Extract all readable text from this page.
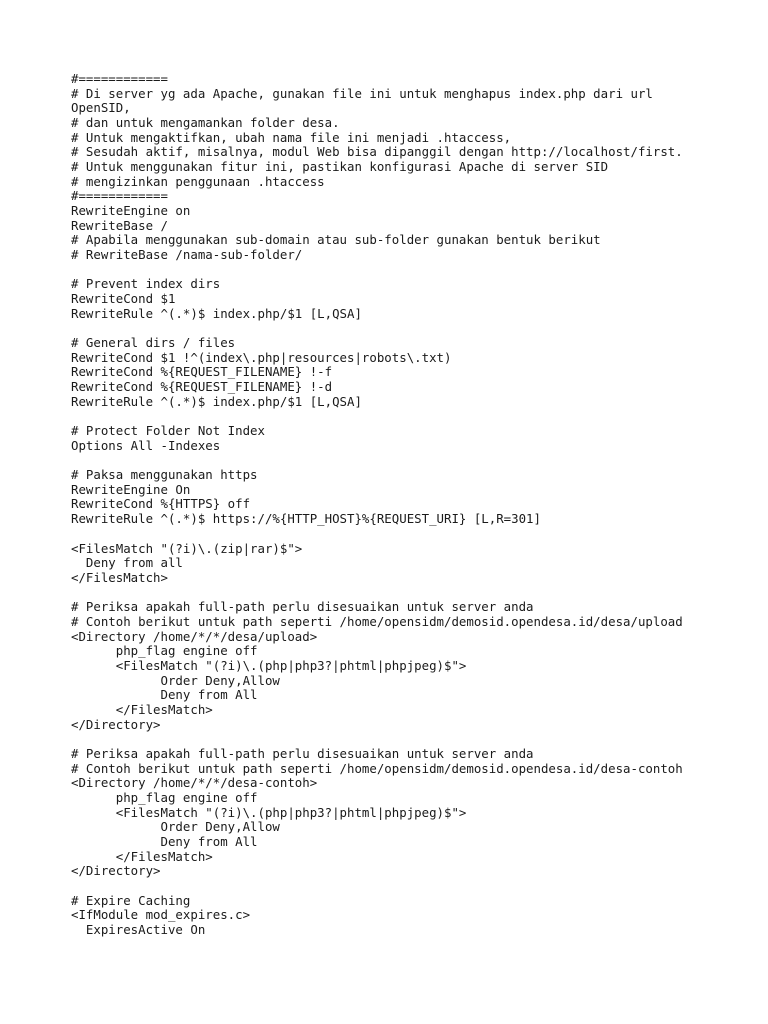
#============
# Di server yg ada Apache, gunakan file ini untuk menghapus index.php dari url
OpenSID,
# dan untuk mengamankan folder desa.
# Untuk mengaktifkan, ubah nama file ini menjadi .htaccess,
# Sesudah aktif, misalnya, modul Web bisa dipanggil dengan http://localhost/first.
# Untuk menggunakan fitur ini, pastikan konfigurasi Apache di server SID
# mengizinkan penggunaan .htaccess
#============
RewriteEngine on
RewriteBase /
# Apabila menggunakan sub-domain atau sub-folder gunakan bentuk berikut
# RewriteBase /nama-sub-folder/

# Prevent index dirs
RewriteCond $1
RewriteRule ^(.*)$ index.php/$1 [L,QSA]

# General dirs / files
RewriteCond $1 !^(index\.php|resources|robots\.txt)
RewriteCond %{REQUEST_FILENAME} !-f
RewriteCond %{REQUEST_FILENAME} !-d
RewriteRule ^(.*)$ index.php/$1 [L,QSA]

# Protect Folder Not Index
Options All -Indexes

# Paksa menggunakan https
RewriteEngine On
RewriteCond %{HTTPS} off
RewriteRule ^(.*)$ https://%{HTTP_HOST}%{REQUEST_URI} [L,R=301]

<FilesMatch "(?i)\.(zip|rar)$">
Deny from all
</FilesMatch>

# Periksa apakah full-path perlu disesuaikan untuk server anda
# Contoh berikut untuk path seperti /home/opensidm/demosid.opendesa.id/desa/upload
<Directory /home/*/*/desa/upload>
php_flag engine off
<FilesMatch "(?i)\.(php|php3?|phtml|phpjpeg)$">
Order Deny,Allow
Deny from All
</FilesMatch>
</Directory>

# Periksa apakah full-path perlu disesuaikan untuk server anda
# Contoh berikut untuk path seperti /home/opensidm/demosid.opendesa.id/desa-contoh
<Directory /home/*/*/desa-contoh>
php_flag engine off
<FilesMatch "(?i)\.(php|php3?|phtml|phpjpeg)$">
Order Deny,Allow
Deny from All
</FilesMatch>
</Directory>

# Expire Caching
<IfModule mod_expires.c>
ExpiresActive On
